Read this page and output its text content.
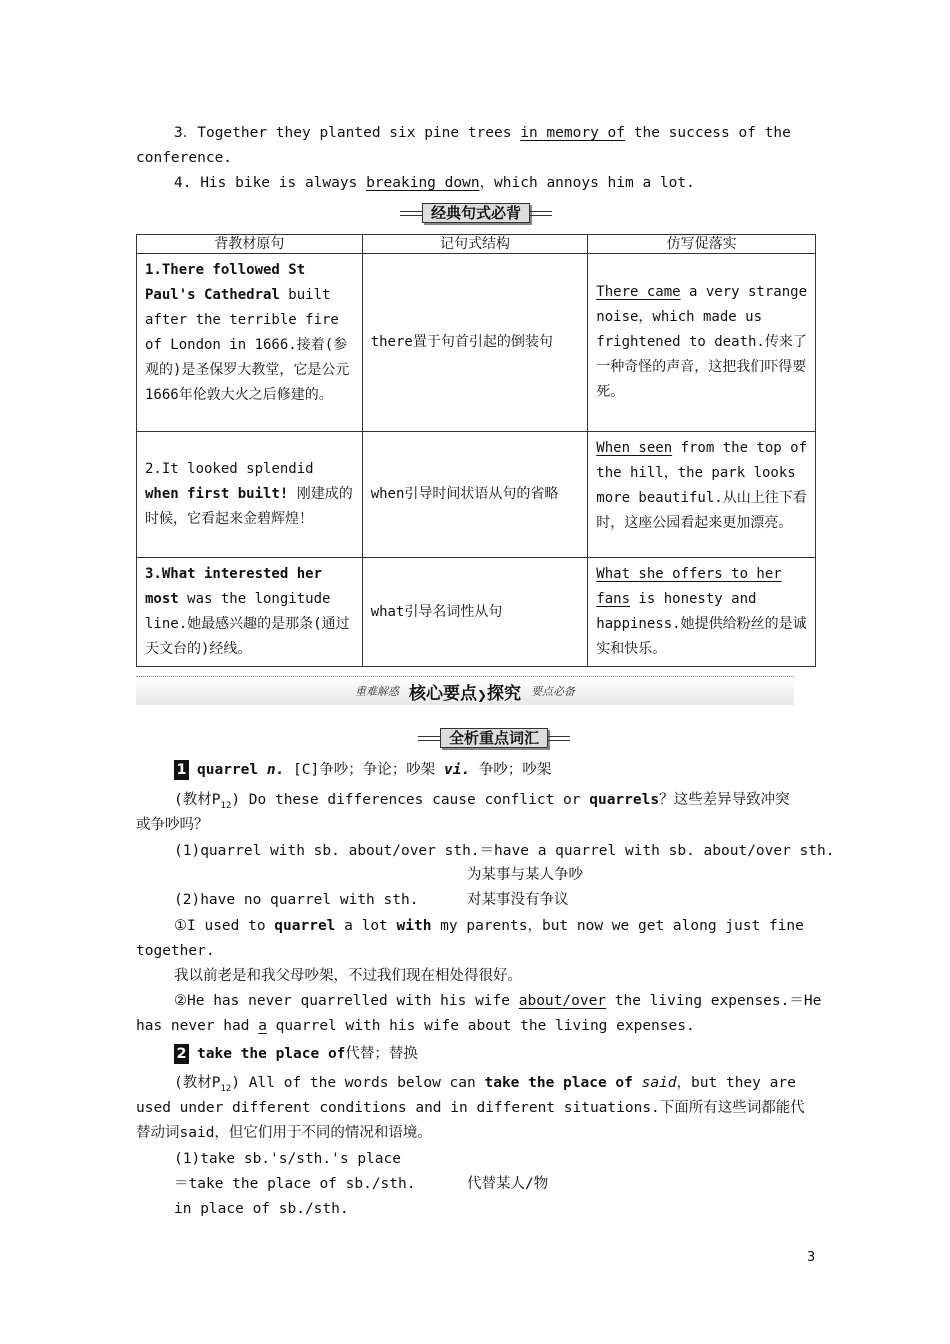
3．Together they planted six pine trees in memory of the success of the
conference.
4. His bike is always breaking down，which annoys him a lot.
经典句式必背
背教材原句	记句式结构	仿写促落实
1.There followed St Paul's Cathedral built after the terrible fire of London in 1666.接着(参观的)是圣保罗大教堂，它是公元1666年伦敦大火之后修建的。	there置于句首引起的倒装句	There came a very strange noise，which made us frightened to death.传来了一种奇怪的声音，这把我们吓得要死。
2.It looked splendid when first built! 刚建成的时候，它看起来金碧辉煌！	when引导时间状语从句的省略	When seen from the top of the hill，the park looks more beautiful.从山上往下看时，这座公园看起来更加漂亮。
3.What interested her most was the longitude line.她最感兴趣的是那条(通过天文台的)经线。	what引导名词性从句	What she offers to her fans is honesty and happiness.她提供给粉丝的是诚实和快乐。
重难解惑 核心要点❯探究 要点必备
全析重点词汇
1 quarrel n. [C]争吵；争论；吵架 vi. 争吵；吵架
(教材$P_{12}$) Do these differences cause conflict or quarrels？这些差异导致冲突
或争吵吗？
(1)quarrel with sb. about/over sth.＝have a quarrel with sb. about/over sth.
为某事与某人争吵
(2)have no quarrel with sth.	对某事没有争议
①I used to quarrel a lot with my parents，but now we get along just fine
together.
我以前老是和我父母吵架，不过我们现在相处得很好。
②He has never quarrelled with his wife about/over the living expenses.＝He
has never had a quarrel with his wife about the living expenses.
2 take the place of代替；替换
(教材$P_{12}$) All of the words below can take the place of said，but they are
used under different conditions and in different situations.下面所有这些词都能代
替动词said，但它们用于不同的情况和语境。
(1)take sb.'s/sth.'s place
＝take the place of sb./sth.	代替某人/物
in place of sb./sth.
3
